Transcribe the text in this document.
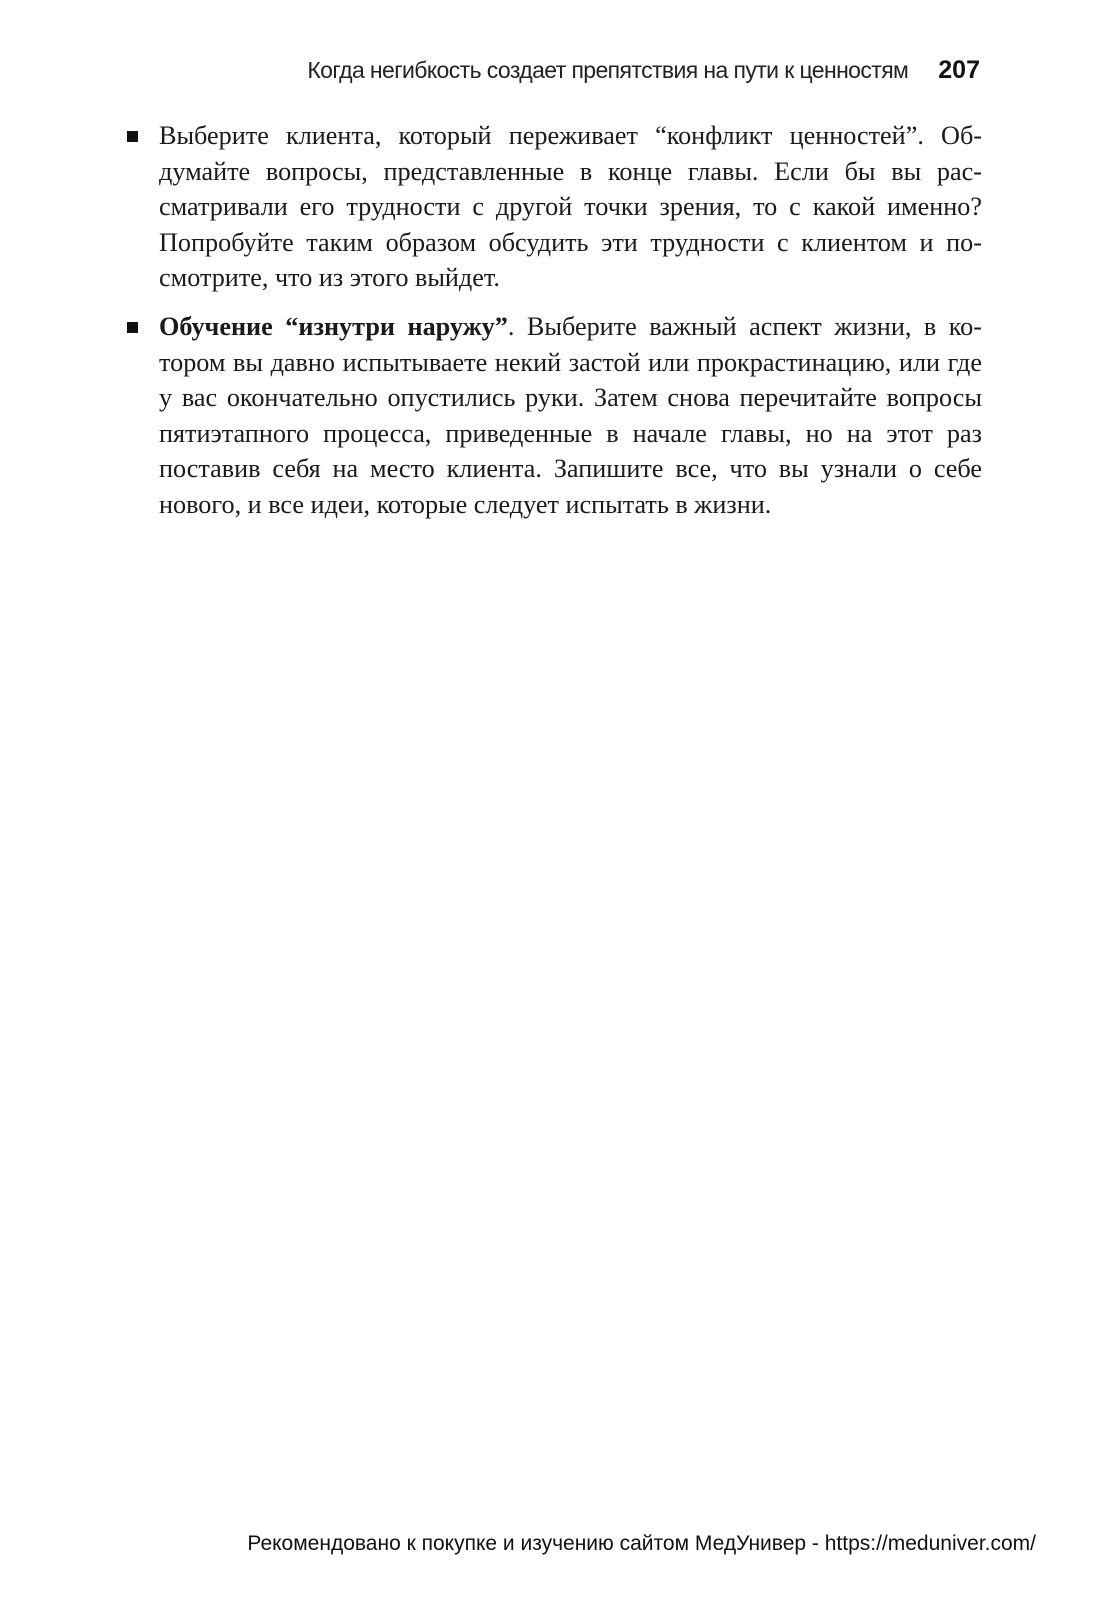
Когда негибкость создает препятствия на пути к ценностям 207
Выберите клиента, который переживает “конфликт ценностей”. Обдумайте вопросы, представленные в конце главы. Если бы вы рассматривали его трудности с другой точки зрения, то с какой именно? Попробуйте таким образом обсудить эти трудности с клиентом и посмотрите, что из этого выйдет.
Обучение “изнутри наружу”. Выберите важный аспект жизни, в котором вы давно испытываете некий застой или прокрастинацию, или где у вас окончательно опустились руки. Затем снова перечитайте вопросы пятиэтапного процесса, приведенные в начале главы, но на этот раз поставив себя на место клиента. Запишите все, что вы узнали о себе нового, и все идеи, которые следует испытать в жизни.
Рекомендовано к покупке и изучению сайтом МедУнивер - https://meduniver.com/
